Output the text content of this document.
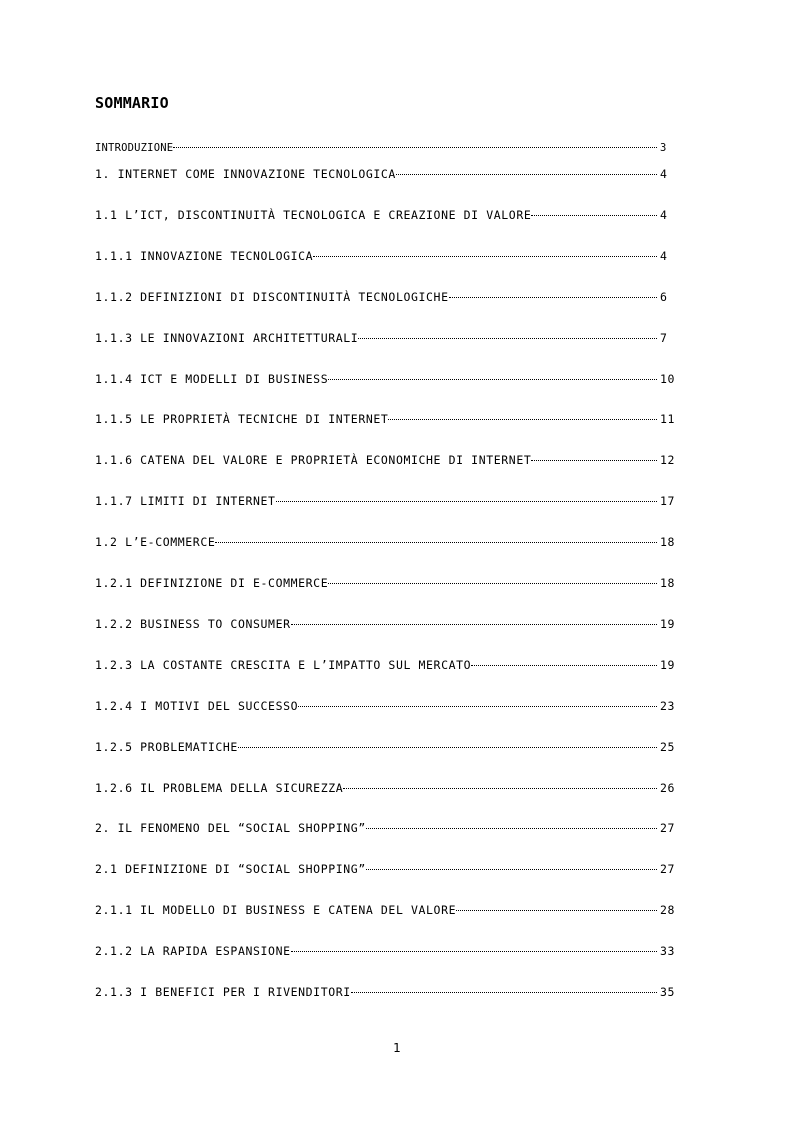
SOMMARIO
INTRODUZIONE	3
1. INTERNET COME INNOVAZIONE TECNOLOGICA	4
1.1 L’ICT, DISCONTINUITÀ TECNOLOGICA E CREAZIONE DI VALORE	4
1.1.1 INNOVAZIONE TECNOLOGICA	4
1.1.2 DEFINIZIONI DI DISCONTINUITÀ TECNOLOGICHE	6
1.1.3 LE INNOVAZIONI ARCHITETTURALI	7
1.1.4 ICT E MODELLI DI BUSINESS	10
1.1.5 LE PROPRIETÀ TECNICHE DI INTERNET	11
1.1.6 CATENA DEL VALORE E PROPRIETÀ ECONOMICHE DI INTERNET	12
1.1.7 LIMITI DI INTERNET	17
1.2 L’E-COMMERCE	18
1.2.1 DEFINIZIONE DI E-COMMERCE	18
1.2.2 BUSINESS TO CONSUMER	19
1.2.3 LA COSTANTE CRESCITA E L’IMPATTO SUL MERCATO	19
1.2.4 I MOTIVI DEL SUCCESSO	23
1.2.5 PROBLEMATICHE	25
1.2.6 IL PROBLEMA DELLA SICUREZZA	26
2. IL FENOMENO DEL “SOCIAL SHOPPING”	27
2.1 DEFINIZIONE DI “SOCIAL SHOPPING”	27
2.1.1 IL MODELLO DI BUSINESS E CATENA DEL VALORE	28
2.1.2 LA RAPIDA ESPANSIONE	33
2.1.3 I BENEFICI PER I RIVENDITORI	35
1
